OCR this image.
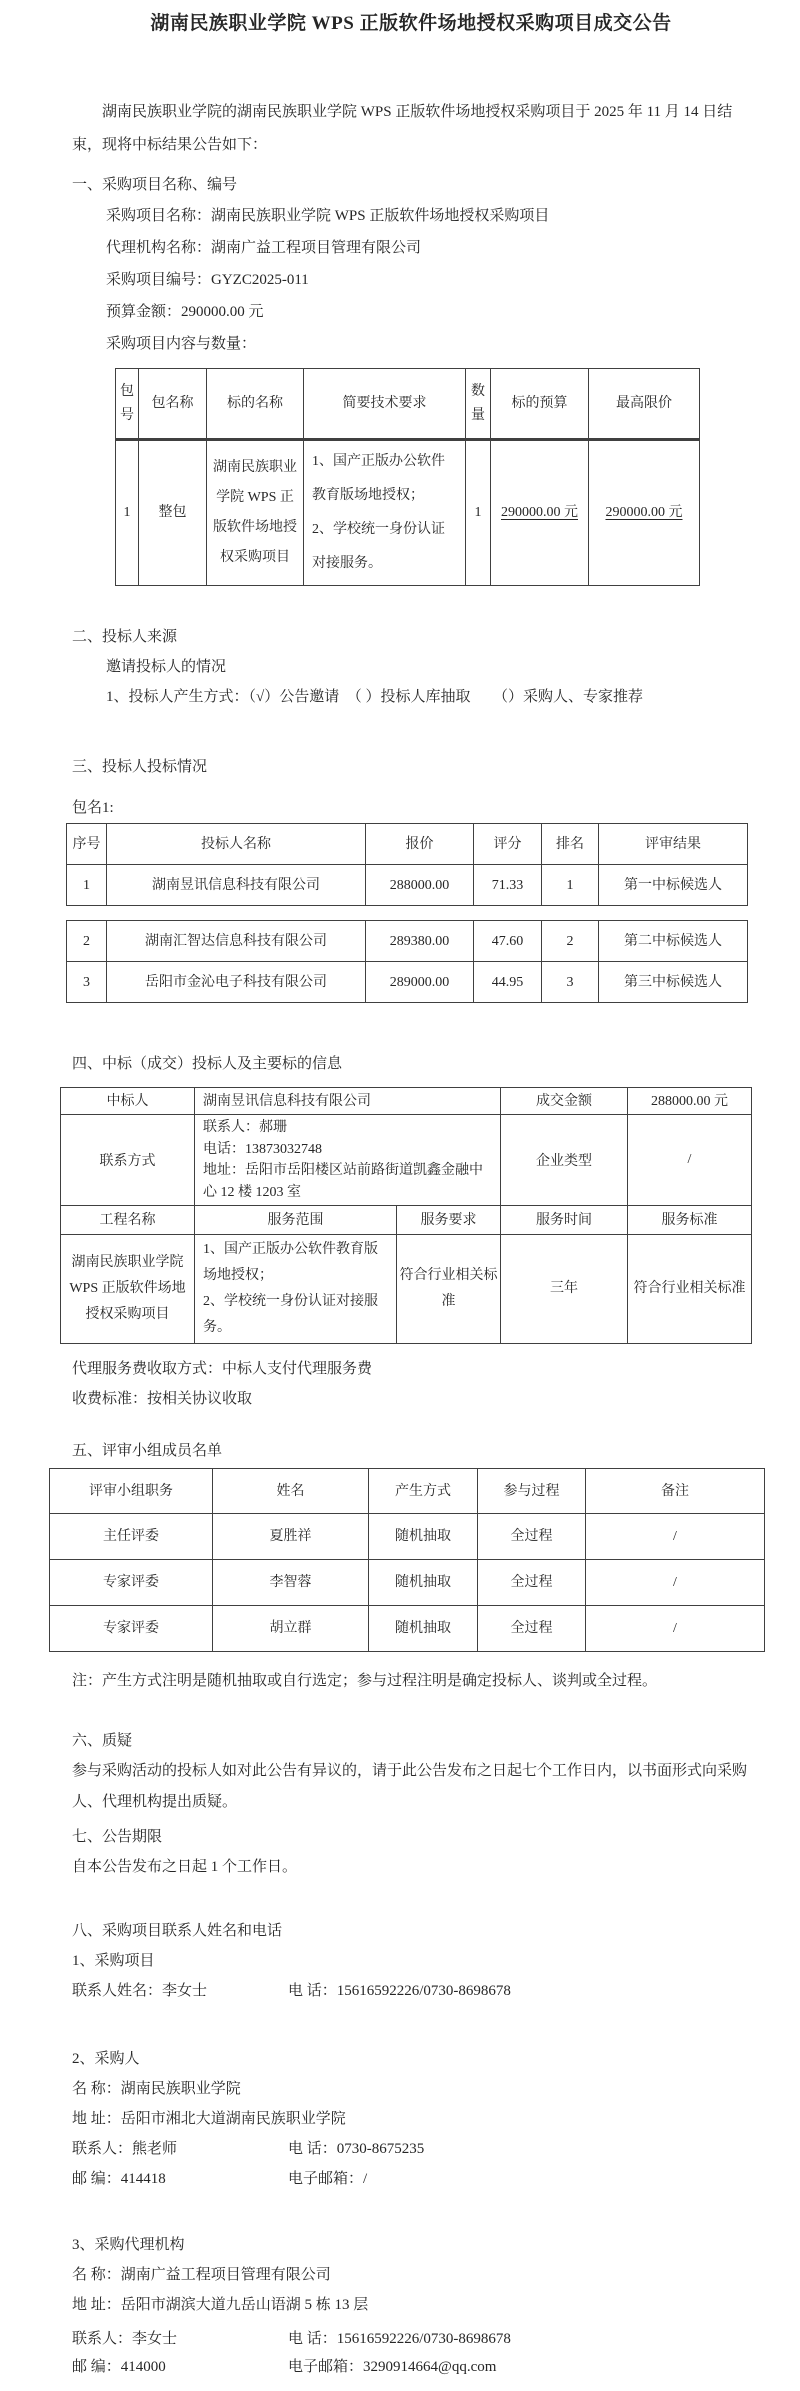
湖南民族职业学院 WPS 正版软件场地授权采购项目成交公告

湖南民族职业学院的湖南民族职业学院 WPS 正版软件场地授权采购项目于 2025 年 11 月 14 日结束，现将中标结果公告如下：

一、采购项目名称、编号
采购项目名称：湖南民族职业学院 WPS 正版软件场地授权采购项目
代理机构名称：湖南广益工程项目管理有限公司
采购项目编号：GYZC2025-011
预算金额：290000.00 元
采购项目内容与数量：
包号	包名称	标的名称	简要技术要求	数量	标的预算	最高限价
1	整包	湖南民族职业学院 WPS 正版软件场地授权采购项目	1、国产正版办公软件教育版场地授权；
2、学校统一身份认证对接服务。	1	290000.00 元	290000.00 元
二、投标人来源
邀请投标人的情况
1、投标人产生方式：（√）公告邀请　（ ）投标人库抽取　　（）采购人、专家推荐
三、投标人投标情况
包名1:
序号	投标人名称	报价	评分	排名	评审结果
1	湖南昱讯信息科技有限公司	288000.00	71.33	1	第一中标候选人
2	湖南汇智达信息科技有限公司	289380.00	47.60	2	第二中标候选人
3	岳阳市金沁电子科技有限公司	289000.00	44.95	3	第三中标候选人
四、中标（成交）投标人及主要标的信息
中标人	湖南昱讯信息科技有限公司		成交金额	288000.00 元
联系方式	联系人：郝珊
电话：13873032748
地址：岳阳市岳阳楼区站前路街道凯鑫金融中心 12 楼 1203 室		企业类型	/
工程名称	服务范围	服务要求	服务时间	服务标准
湖南民族职业学院 WPS 正版软件场地授权采购项目	1、国产正版办公软件教育版场地授权；
2、学校统一身份认证对接服务。	符合行业相关标准	三年	符合行业相关标准
代理服务费收取方式：中标人支付代理服务费
收费标准：按相关协议收取
五、评审小组成员名单
评审小组职务	姓名	产生方式	参与过程	备注
主任评委	夏胜祥	随机抽取	全过程	/
专家评委	李智蓉	随机抽取	全过程	/
专家评委	胡立群	随机抽取	全过程	/
注：产生方式注明是随机抽取或自行选定；参与过程注明是确定投标人、谈判或全过程。
六、质疑

参与采购活动的投标人如对此公告有异议的，请于此公告发布之日起七个工作日内，以书面形式向采购人、代理机构提出质疑。

七、公告期限
自本公告发布之日起 1 个工作日。
八、采购项目联系人姓名和电话
1、采购项目
联系人姓名：李女士	电 话：15616592226/0730-8698678
2、采购人
名 称：湖南民族职业学院
地 址：岳阳市湘北大道湖南民族职业学院
联系人：熊老师	电 话：0730-8675235
邮 编：414418	电子邮箱：/
3、采购代理机构
名 称：湖南广益工程项目管理有限公司
地 址：岳阳市湖滨大道九岳山语湖 5 栋 13 层
联系人：李女士	电 话：15616592226/0730-8698678
邮 编：414000	电子邮箱：3290914664@qq.com
